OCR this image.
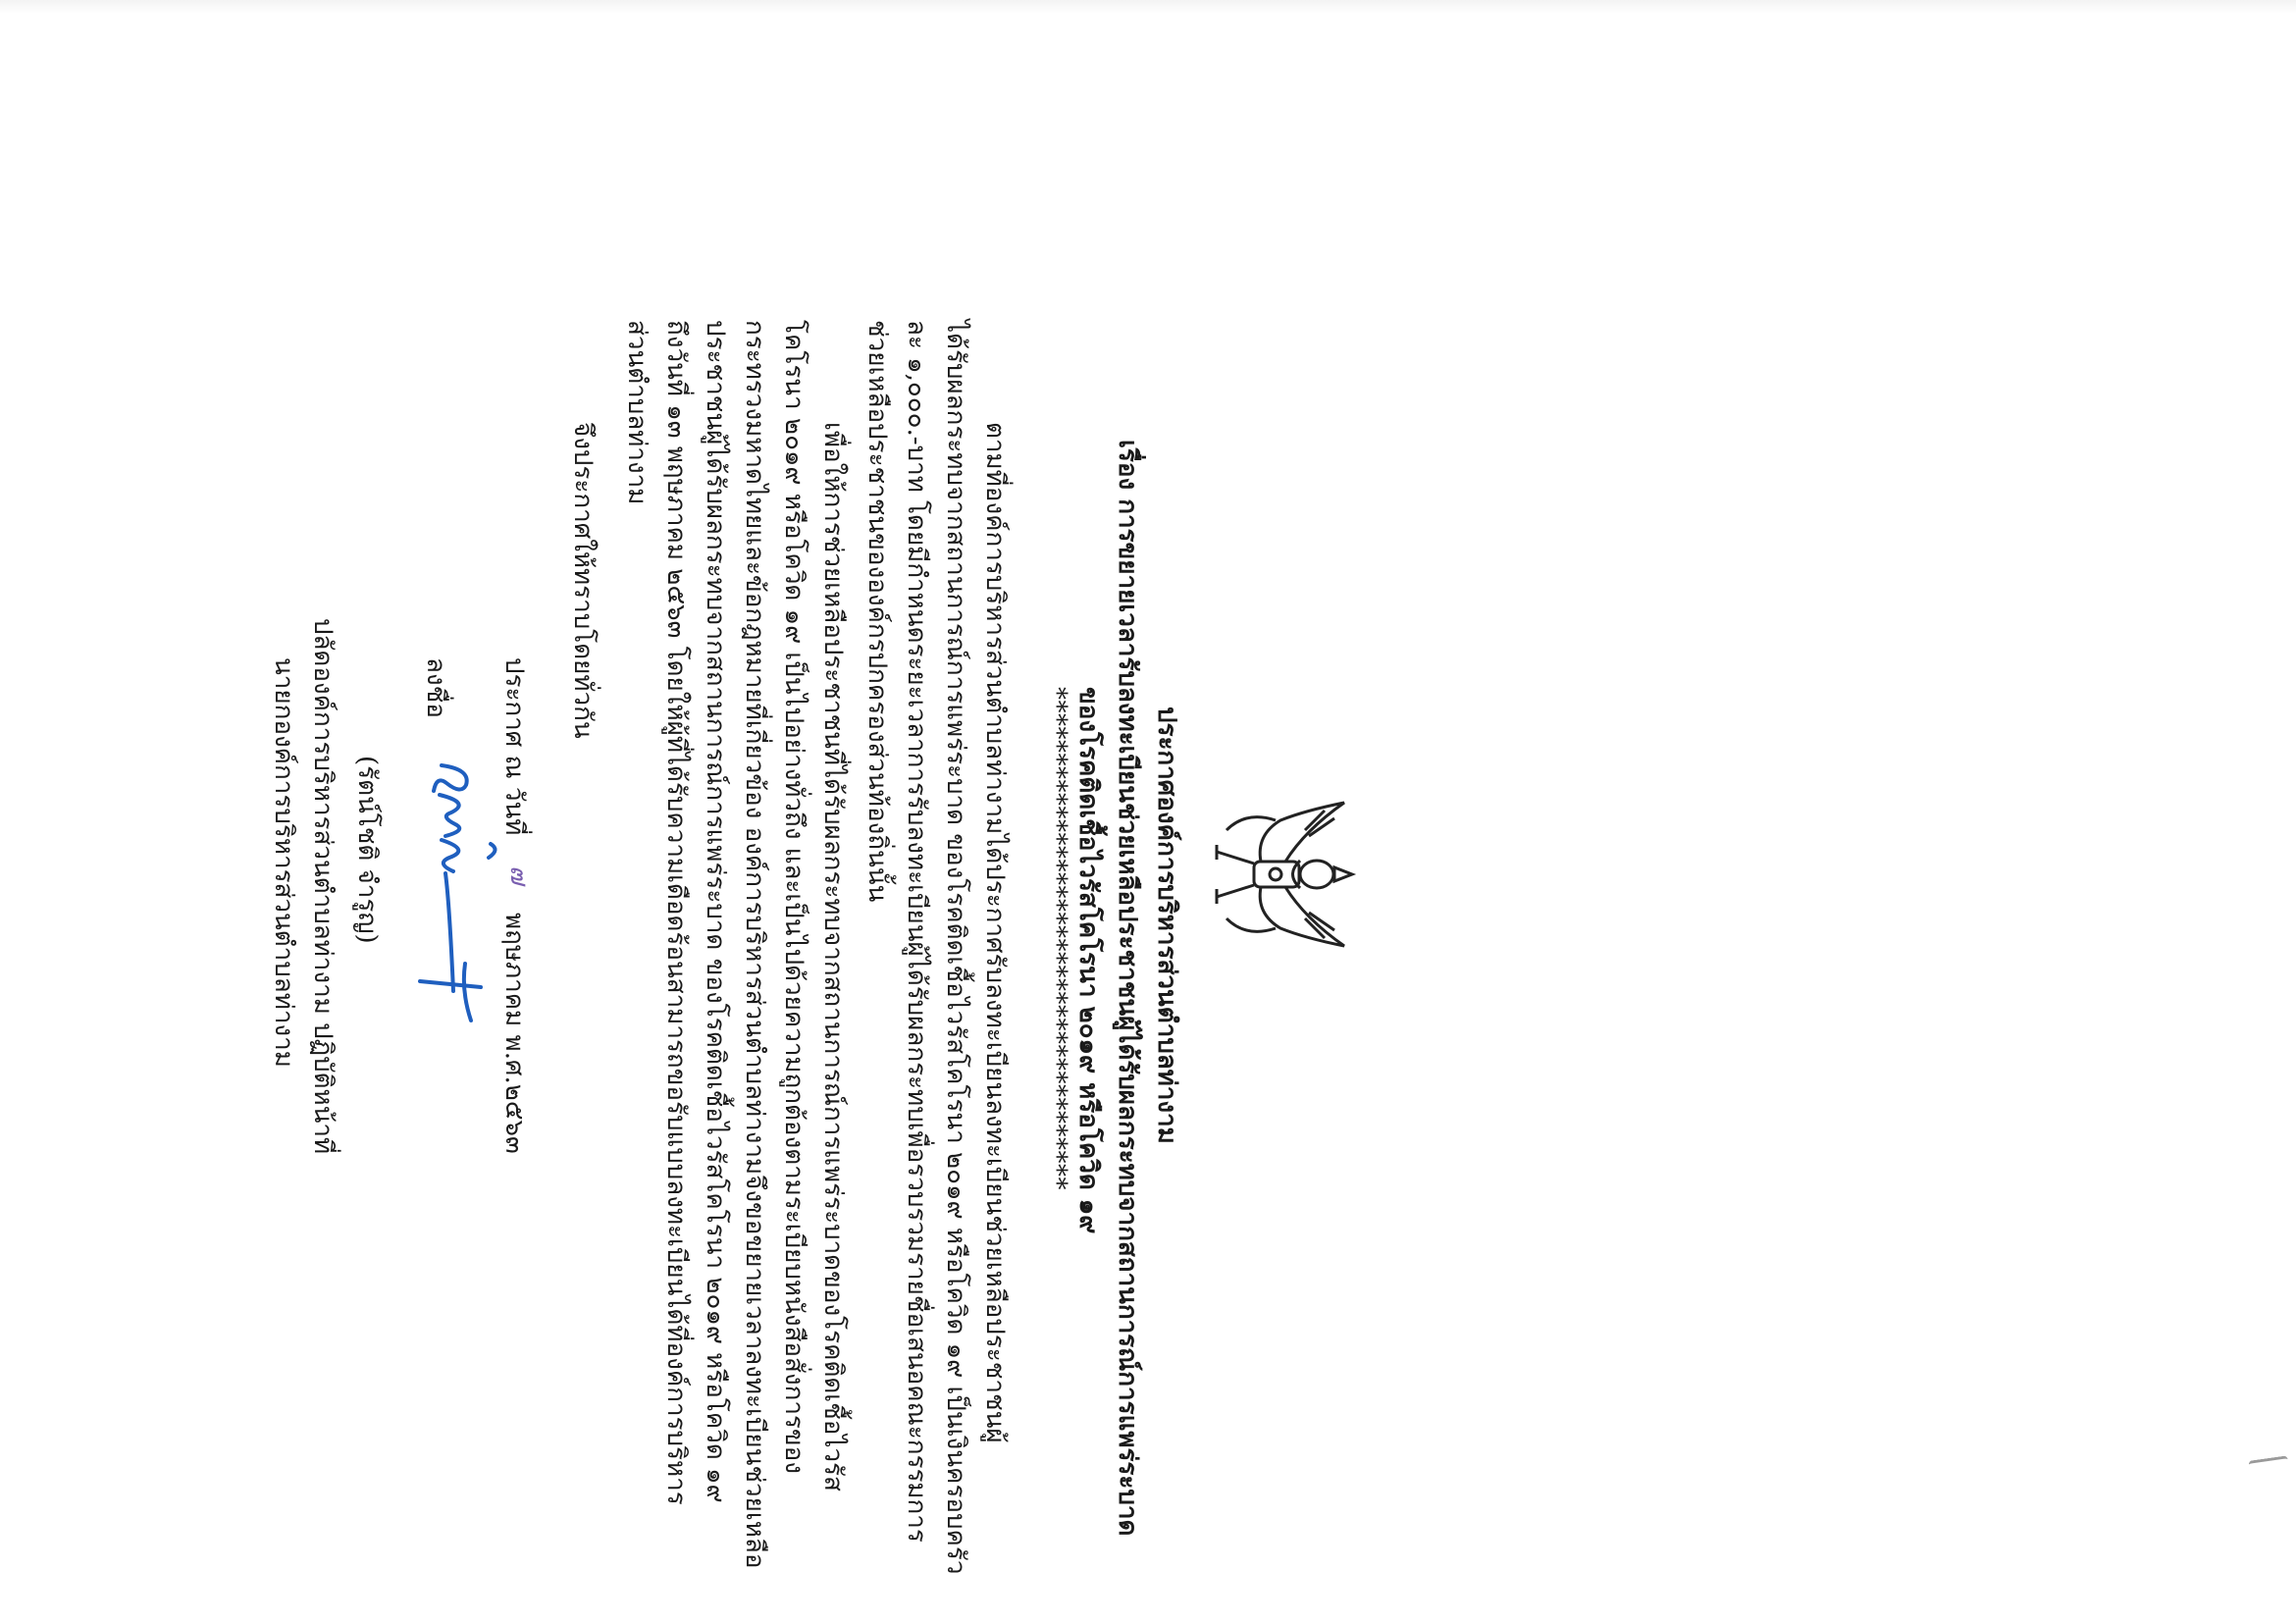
ประกาศองค์การบริหารส่วนตำบลท่างาม
เรื่อง การขยายเวลารับลงทะเบียนช่วยเหลือประชาชนผู้ได้รับผลกระทบจากสถานการณ์การแพร่ระบาด
ของโรคติดเชื้อไวรัสโคโรนา ๒๐๑๙ หรือโควิด ๑๙
**************************************
ตามที่องค์การบริหารส่วนตำบลท่างามได้ประกาศรับลงทะเบียนลงทะเบียนช่วยเหลือประชาชนผู้
ได้รับผลกระทบจากสถานการณ์การแพร่ระบาด ของโรคติดเชื้อไวรัสโคโรนา ๒๐๑๙ หรือโควิด ๑๙ เป็นเงินครอบครัว
ละ ๑,๐๐๐.-บาท โดยมีกำหนดระยะเวลาการรับลงทะเบียนผู้ได้รับผลกระทบเพื่อรวบรวมรายชื่อเสนอคณะกรรมการ
ช่วยเหลือประชาชนขององค์กรปกครองส่วนท้องถิ่นนั้น
เพื่อให้การช่วยเหลือประชาชนที่ได้รับผลกระทบจากสถานการณ์การแพร่ระบาดของโรคติดเชื้อไวรัส
โคโรนา ๒๐๑๙ หรือโควิด ๑๙ เป็นไปอย่างทั่วถึง และเป็นไปด้วยความถูกต้องตามระเบียบหนังสือสั่งการของ
กระทรวงมหาดไทยและข้อกฎหมายที่เกี่ยวข้อง องค์การบริหารส่วนตำบลท่างามจึงขอขยายเวลาลงทะเบียนช่วยเหลือ
ประชาชนผู้ได้รับผลกระทบจากสถานการณ์การแพร่ระบาด ของโรคติดเชื้อไวรัสโคโรนา ๒๐๑๙ หรือโควิด ๑๙
ถึงวันที่ ๑๓ พฤษภาคม ๒๕๖๓ โดยให้ผู้ที่ได้รับความเดือดร้อนสามารถขอรับแบบลงทะเบียนได้ที่องค์การบริหาร
ส่วนตำบลท่างาม
จึงประกาศให้ทราบโดยทั่วกัน
ประกาศ ณ วันที่
๗
พฤษภาคม พ.ศ.๒๕๖๓
ลงชื่อ
(รัตน์โชติ จำรูญ)
ปลัดองค์การบริหารส่วนตำบลท่างาม ปฏิบัติหน้าที่
นายกองค์การบริหารส่วนตำบลท่างาม
